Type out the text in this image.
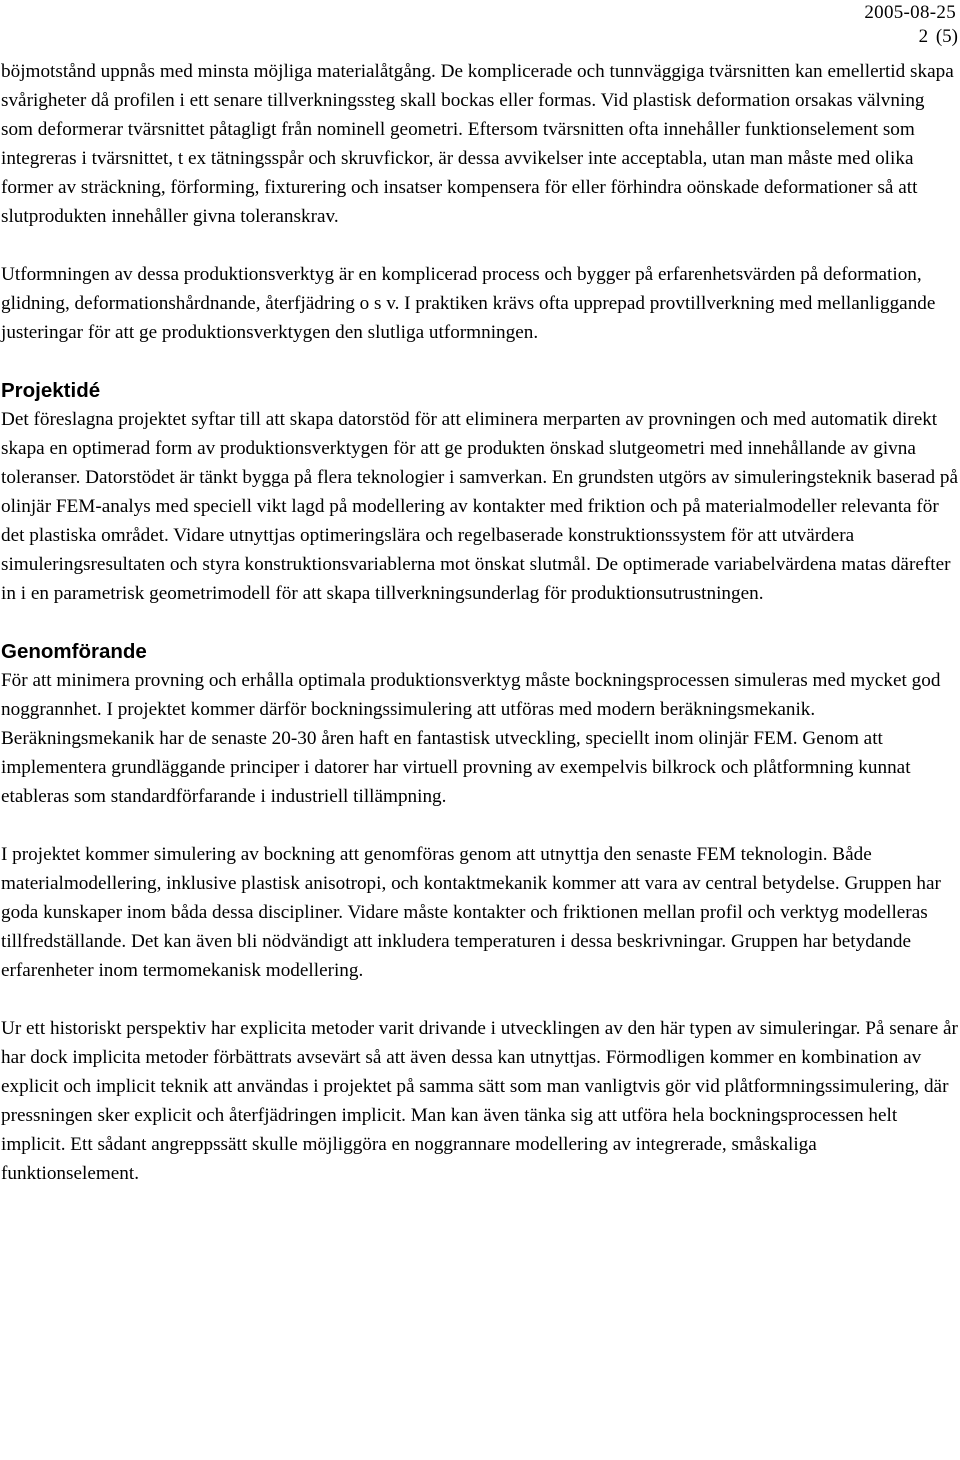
2005-08-25
2 (5)

böjmotstånd uppnås med minsta möjliga materialåtgång. De komplicerade och tunnväggiga tvärsnitten kan emellertid skapa svårigheter då profilen i ett senare tillverkningssteg skall bockas eller formas. Vid plastisk deformation orsakas välvning som deformerar tvärsnittet påtagligt från nominell geometri. Eftersom tvärsnitten ofta innehåller funktionselement som integreras i tvärsnittet, t ex tätningsspår och skruvfickor, är dessa avvikelser inte acceptabla, utan man måste med olika former av sträckning, förforming, fixturering och insatser kompensera för eller förhindra oönskade deformationer så att slutprodukten innehåller givna toleranskrav.

Utformningen av dessa produktionsverktyg är en komplicerad process och bygger på erfarenhetsvärden på deformation, glidning, deformationshårdnande, återfjädring o s v. I praktiken krävs ofta upprepad provtillverkning med mellanliggande justeringar för att ge produktionsverktygen den slutliga utformningen.

Projektidé

Det föreslagna projektet syftar till att skapa datorstöd för att eliminera merparten av provningen och med automatik direkt skapa en optimerad form av produktionsverktygen för att ge produkten önskad slutgeometri med innehållande av givna toleranser. Datorstödet är tänkt bygga på flera teknologier i samverkan. En grundsten utgörs av simuleringsteknik baserad på olinjär FEM-analys med speciell vikt lagd på modellering av kontakter med friktion och på materialmodeller relevanta för det plastiska området. Vidare utnyttjas optimeringslära och regelbaserade konstruktionssystem för att utvärdera simuleringsresultaten och styra konstruktionsvariablerna mot önskat slutmål. De optimerade variabelvärdena matas därefter in i en parametrisk geometrimodell för att skapa tillverkningsunderlag för produktionsutrustningen.

Genomförande

För att minimera provning och erhålla optimala produktionsverktyg måste bockningsprocessen simuleras med mycket god noggrannhet. I projektet kommer därför bockningssimulering att utföras med modern beräkningsmekanik. Beräkningsmekanik har de senaste 20-30 åren haft en fantastisk utveckling, speciellt inom olinjär FEM. Genom att implementera grundläggande principer i datorer har virtuell provning av exempelvis bilkrock och plåtformning kunnat etableras som standardförfarande i industriell tillämpning.

I projektet kommer simulering av bockning att genomföras genom att utnyttja den senaste FEM teknologin. Både materialmodellering, inklusive plastisk anisotropi, och kontaktmekanik kommer att vara av central betydelse. Gruppen har goda kunskaper inom båda dessa discipliner. Vidare måste kontakter och friktionen mellan profil och verktyg modelleras tillfredställande. Det kan även bli nödvändigt att inkludera temperaturen i dessa beskrivningar. Gruppen har betydande erfarenheter inom termomekanisk modellering.

Ur ett historiskt perspektiv har explicita metoder varit drivande i utvecklingen av den här typen av simuleringar. På senare år har dock implicita metoder förbättrats avsevärt så att även dessa kan utnyttjas. Förmodligen kommer en kombination av explicit och implicit teknik att användas i projektet på samma sätt som man vanligtvis gör vid plåtformningssimulering, där pressningen sker explicit och återfjädringen implicit. Man kan även tänka sig att utföra hela bockningsprocessen helt implicit. Ett sådant angreppssätt skulle möjliggöra en noggrannare modellering av integrerade, småskaliga funktionselement.
